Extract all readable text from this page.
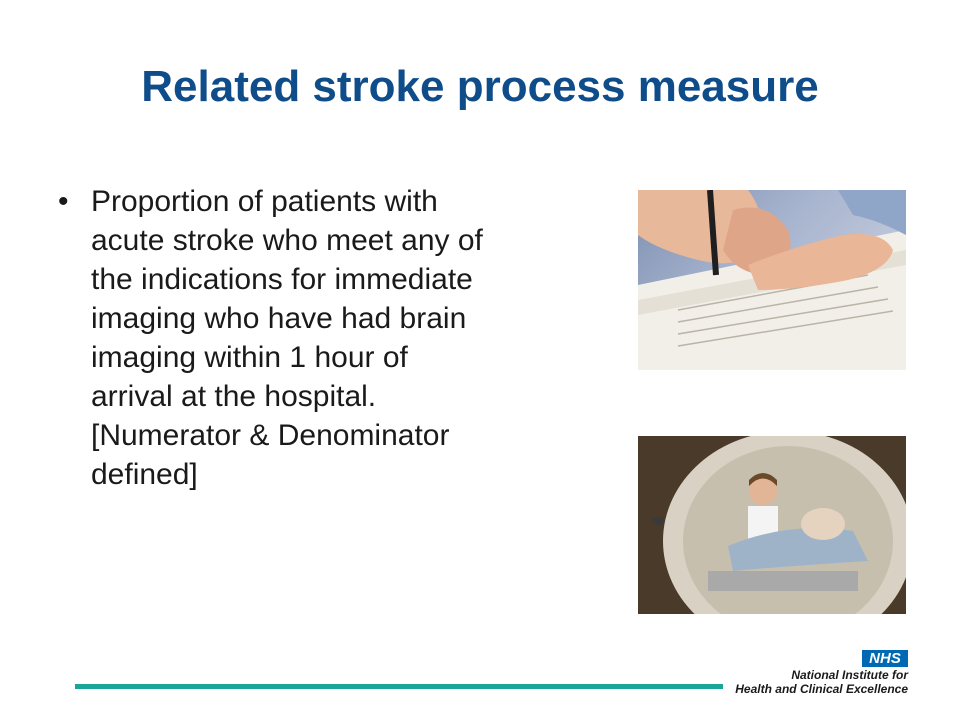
Related stroke process measure
• Proportion of patients with
acute stroke who meet any of
the indications for immediate
imaging who have had brain
imaging within 1 hour of
arrival at the hospital.
[Numerator & Denominator
defined]
NHS
National Institute for
Health and Clinical Excellence
